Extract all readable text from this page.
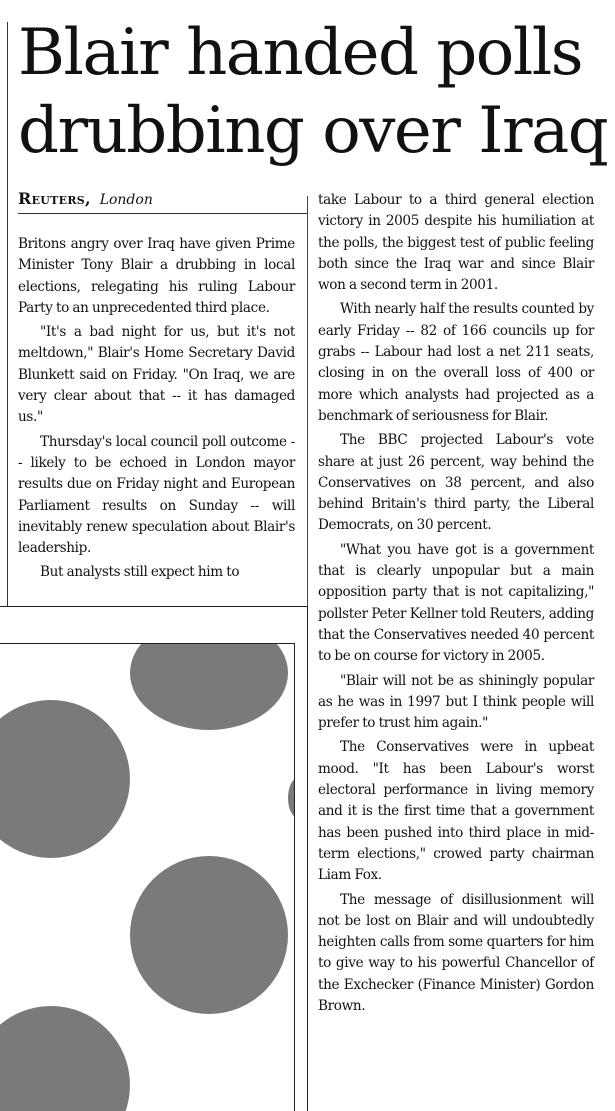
Blair handed polls drubbing over Iraq
Reuters, London

Britons angry over Iraq have given Prime Minister Tony Blair a drubbing in local elections, relegating his ruling Labour Party to an unprecedented third place.

"It's a bad night for us, but it's not meltdown," Blair's Home Secretary David Blunkett said on Friday. "On Iraq, we are very clear about that -- it has damaged us."

Thursday's local council poll outcome -- likely to be echoed in London mayor results due on Friday night and European Parliament results on Sunday -- will inevitably renew speculation about Blair's leadership.

But analysts still expect him to

take Labour to a third general election victory in 2005 despite his humiliation at the polls, the biggest test of public feeling both since the Iraq war and since Blair won a second term in 2001.

With nearly half the results counted by early Friday -- 82 of 166 councils up for grabs -- Labour had lost a net 211 seats, closing in on the overall loss of 400 or more which analysts had projected as a benchmark of seriousness for Blair.

The BBC projected Labour's vote share at just 26 percent, way behind the Conservatives on 38 percent, and also behind Britain's third party, the Liberal Democrats, on 30 percent.

"What you have got is a government that is clearly unpopular but a main opposition party that is not capitalizing," pollster Peter Kellner told Reuters, adding that the Conservatives needed 40 percent to be on course for victory in 2005.

"Blair will not be as shiningly popular as he was in 1997 but I think people will prefer to trust him again."

The Conservatives were in upbeat mood. "It has been Labour's worst electoral performance in living memory and it is the first time that a government has been pushed into third place in mid-term elections," crowed party chairman Liam Fox.

The message of disillusionment will not be lost on Blair and will undoubtedly heighten calls from some quarters for him to give way to his powerful Chancellor of the Exchecker (Finance Minister) Gordon Brown.
